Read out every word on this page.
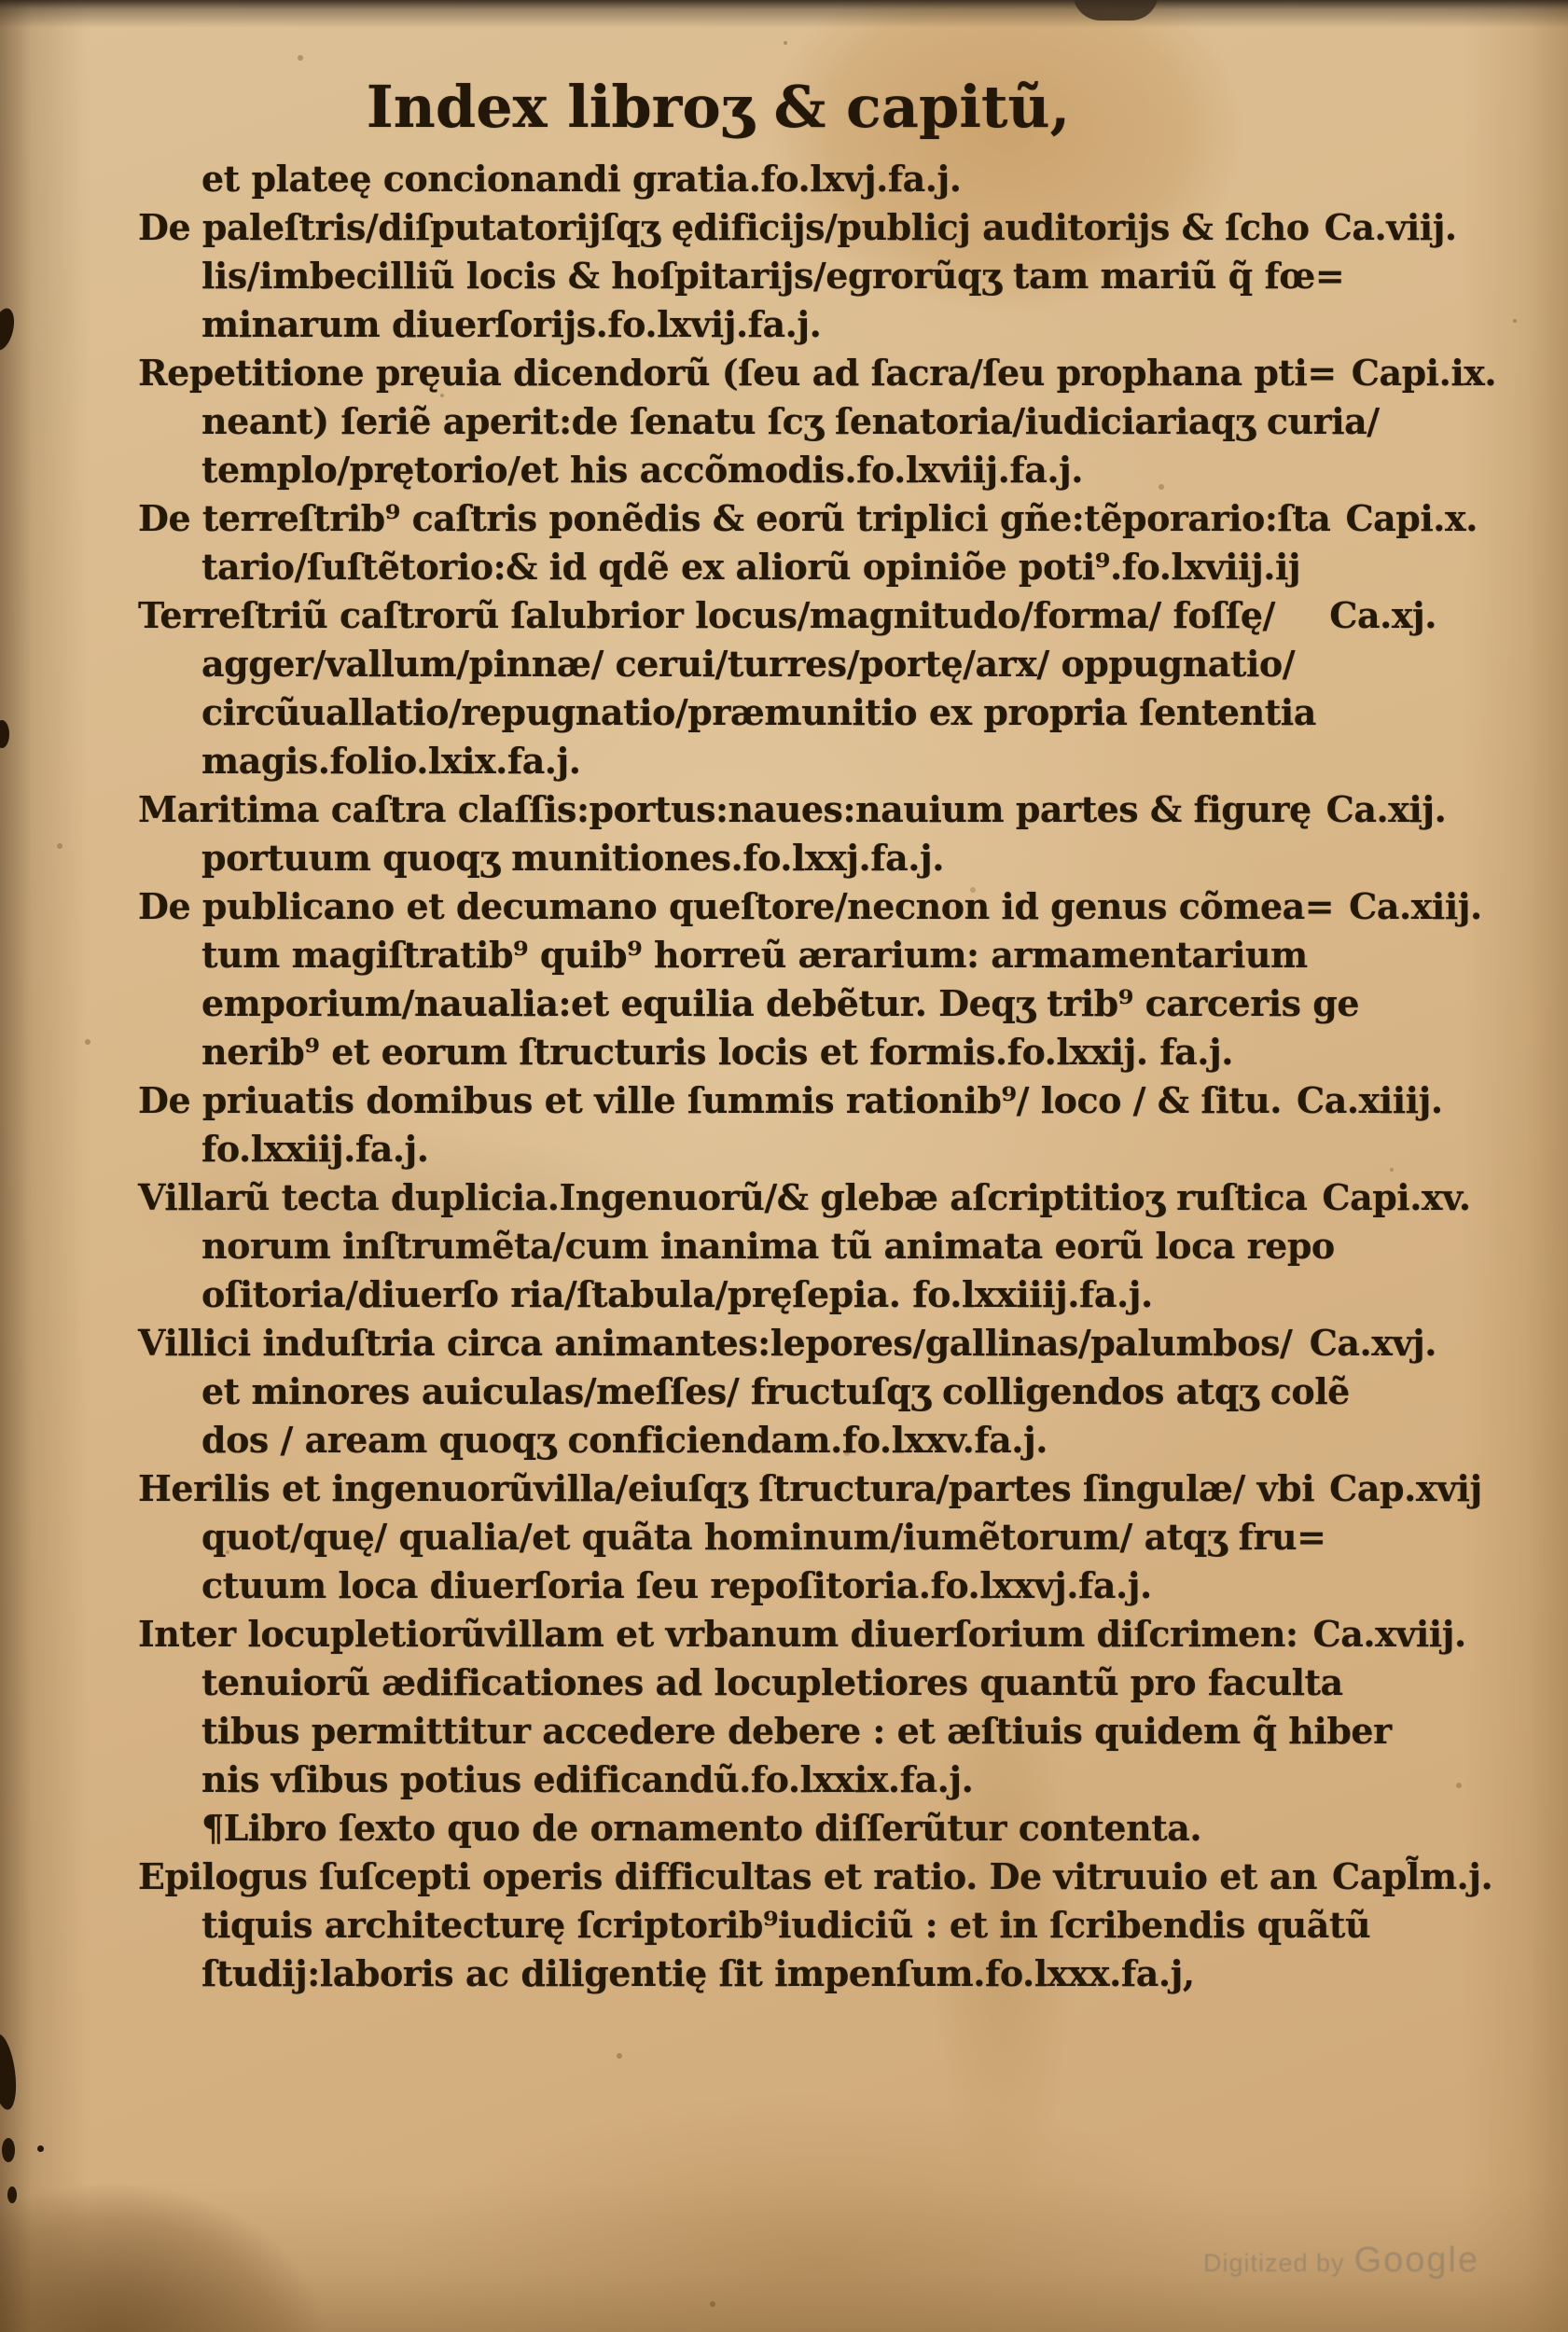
Index libroʒ & capitũ,
et plateę concionandi gratia.fo.lxvj.fa.j.
De paleſtris/diſputatorijſqʒ ędificijs/publicj auditorijs & ſcho Ca.viij.
lis/imbecilliũ locis & hoſpitarijs/egrorũqʒ tam mariũ q̃ fœ=
minarum diuerſorijs.fo.lxvij.fa.j.
Repetitione pręuia dicendorũ (ſeu ad ſacra/ſeu prophana pti= Capi.ix.
neant) ſeriẽ aperit:de ſenatu ſcʒ ſenatoria/iudiciariaqʒ curia/
templo/prętorio/et his accõmodis.fo.lxviij.fa.j.
De terreſtrib⁹ caſtris ponẽdis & eorũ triplici gñe:tẽporario:ſta Capi.x.
tario/ſuſtẽtorio:& id qdẽ ex aliorũ opiniõe poti⁹.fo.lxviij.ij
Terreſtriũ caſtrorũ ſalubrior locus/magnitudo/forma/ foſſę/	Ca.xj.
agger/vallum/pinnæ/ cerui/turres/portę/arx/ oppugnatio/
circũuallatio/repugnatio/præmunitio ex propria ſententia
magis.folio.lxix.fa.j.
Maritima caſtra claſſis:portus:naues:nauium partes & figurę Ca.xij.
portuum quoqʒ munitiones.fo.lxxj.fa.j.
De publicano et decumano queſtore/necnon id genus cõmea= Ca.xiij.
tum magiſtratib⁹ quib⁹ horreũ ærarium: armamentarium
emporium/naualia:et equilia debẽtur. Deqʒ trib⁹ carceris ge
nerib⁹ et eorum ſtructuris locis et formis.fo.lxxij. fa.j.
De priuatis domibus et ville ſummis rationib⁹/ loco / & ſitu. Ca.xiiij.
fo.lxxiij.fa.j.
Villarũ tecta duplicia.Ingenuorũ/& glebæ aſcriptitioʒ ruſtica Capi.xv.
norum inſtrumẽta/cum inanima tũ animata eorũ loca repo
oſitoria/diuerſo ria/ſtabula/pręſepia. fo.lxxiiij.fa.j.
Villici induſtria circa animantes:lepores/gallinas/palumbos/ Ca.xvj.
et minores auiculas/meſſes/ fructuſqʒ colligendos atqʒ colẽ
dos / aream quoqʒ conficiendam.fo.lxxv.fa.j.
Herilis et ingenuorũvilla/eiuſqʒ ſtructura/partes ſingulæ/ vbi Cap.xvij
quot/quę/ qualia/et quãta hominum/iumẽtorum/ atqʒ fru=
ctuum loca diuerſoria ſeu repoſitoria.fo.lxxvj.fa.j.
Inter locupletiorũvillam et vrbanum diuerſorium diſcrimen: Ca.xviij.
tenuiorũ ædificationes ad locupletiores quantũ pro faculta
tibus permittitur accedere debere : et æſtiuis quidem q̃ hiber
nis vſibus potius edificandũ.fo.lxxix.fa.j.
¶Libro ſexto quo de ornamento diſſerũtur contenta.
Epilogus ſuſcepti operis difficultas et ratio. De vitruuio et an Capl̃m.j.
tiquis architecturę ſcriptorib⁹iudiciũ : et in ſcribendis quãtũ
ſtudij:laboris ac diligentię ſit impenſum.fo.lxxx.fa.j,
Digitized by Google
